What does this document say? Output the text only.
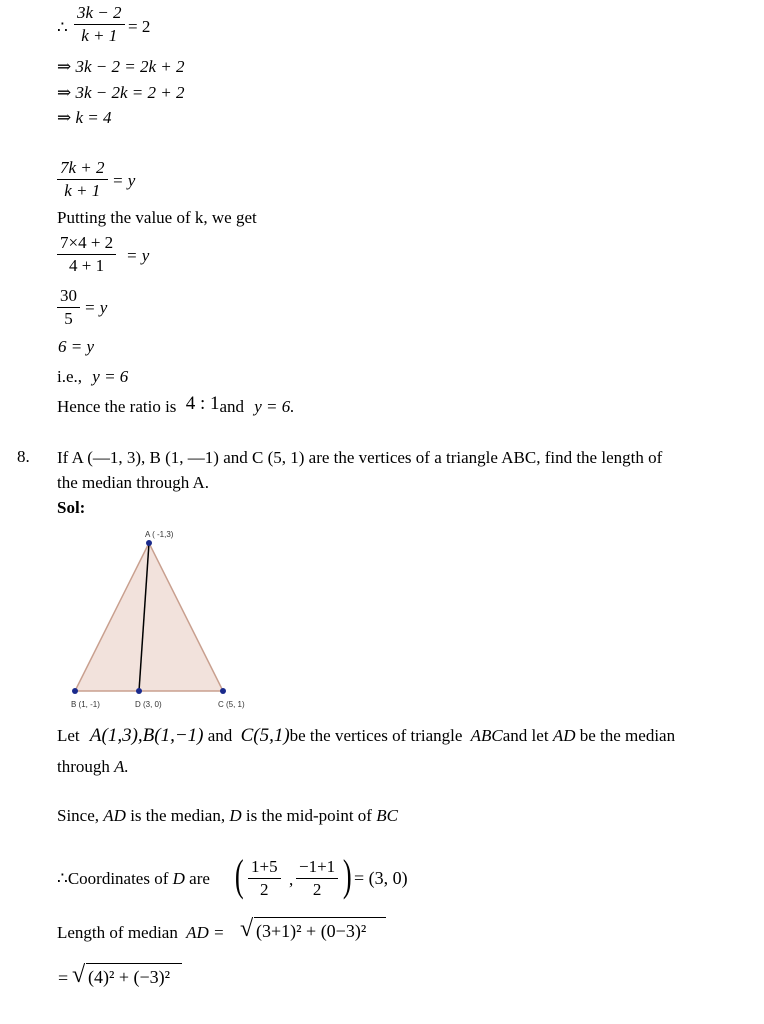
∴ $\frac{3k - 2}{k + 1} = 2$
⇒ 3k − 2 = 2k + 2
⇒ 3k − 2k = 2 + 2
⇒ k = 4
$\frac{7k + 2}{k + 1} = y$
Putting the value of k, we get
$\frac{7\times 4 + 2}{4 + 1} = y$
$\frac{30}{5} = y$
6 = y
i.e., y = 6
Hence the ratio is 4 : 1and y = 6.
8. If A (—1, 3), B (1, —1) and C (5, 1) are the vertices of a triangle ABC, find the length of
the median through A.
Sol:
A ( -1,3)
B (1, -1)	D (3, 0)	C (5, 1)
Let A(1,3),B(1,−1) and C(5,1)be the vertices of triangle ABCand let AD be the median
through A.
Since, AD is the median, D is the mid-point of BC
∴Coordinates of D are ( $\frac{1+5}{2}$ , $\frac{-1+1}{2}$ ) = (3, 0)
Length of median AD = √ (3+1)² + (0−3)²
= √ (4)² + (−3)²
